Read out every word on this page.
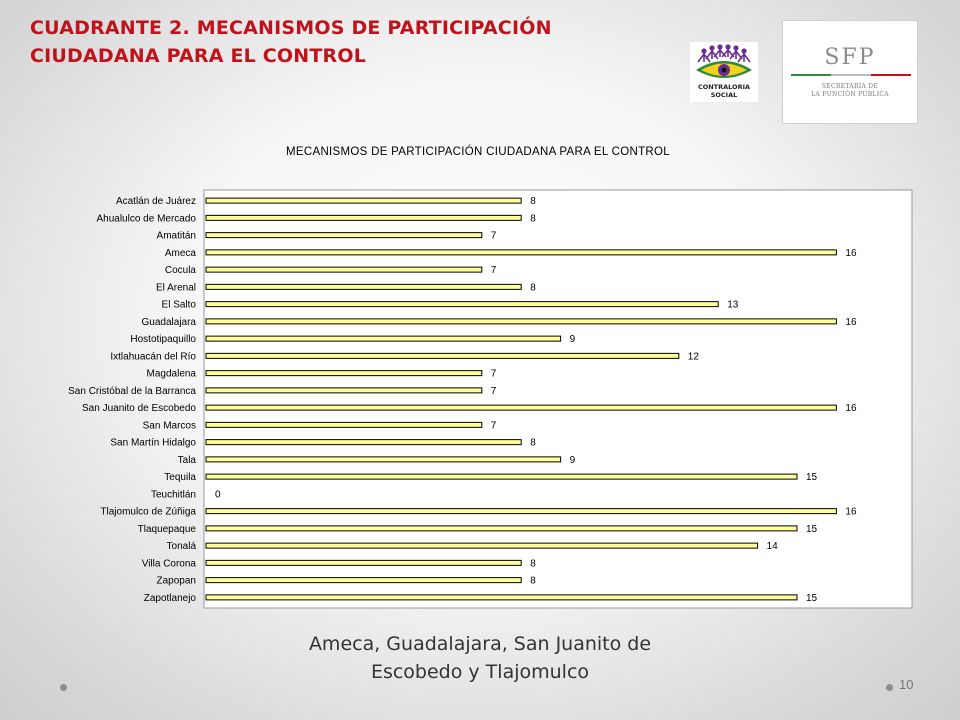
CUADRANTE 2. MECANISMOS DE PARTICIPACIÓN
CIUDADANA PARA EL CONTROL
CONTRALORIA
SOCIAL
SFP
SECRETARÍA DE
LA FUNCIÓN PÚBLICA
MECANISMOS DE PARTICIPACIÓN CIUDADANA PARA EL CONTROL
Acatlán de Juárez	8
Ahualulco de Mercado	8
Amatitán	7
Ameca	16
Cocula	7
El Arenal	8
El Salto	13
Guadalajara	16
Hostotipaquillo	9
Ixtlahuacán del Río	12
Magdalena	7
San Cristóbal de la Barranca	7
San Juanito de Escobedo	16
San Marcos	7
San Martín Hidalgo	8
Tala	9
Tequila	15
Teuchitlán 0
Tlajomulco de Zúñiga	16
Tlaquepaque	15
Tonalá	14
Villa Corona	8
Zapopan	8
Zapotlanejo	15

Ameca, Guadalajara, San Juanito de
Escobedo y Tlajomulco

10
